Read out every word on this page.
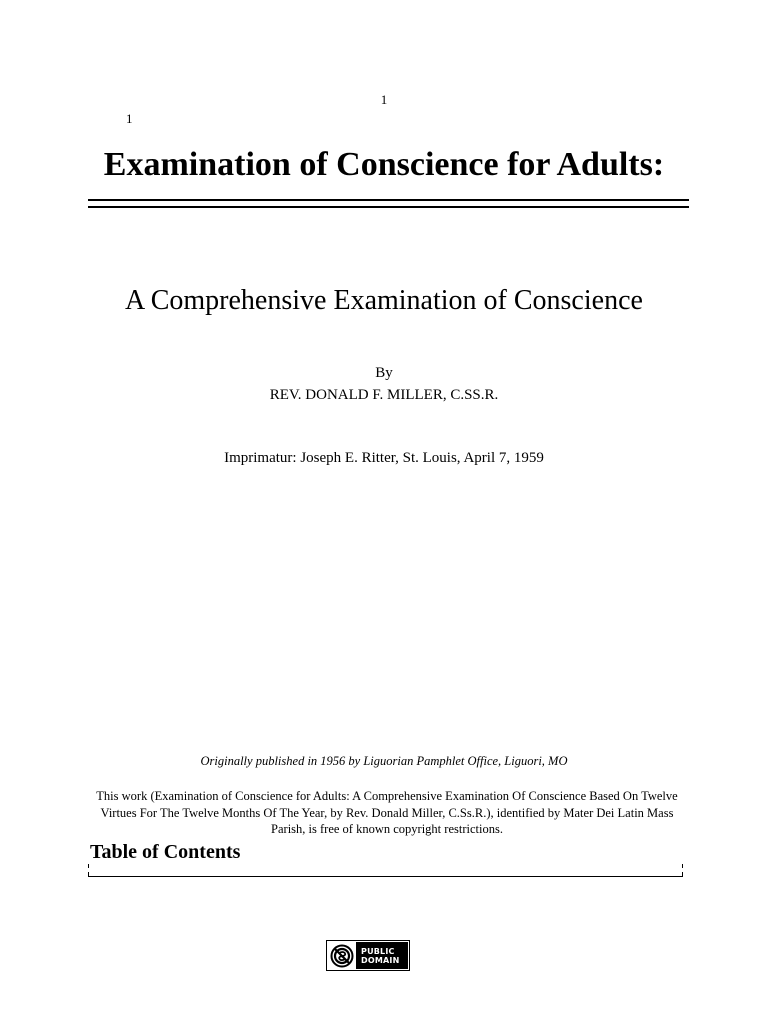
1
1
Examination of Conscience for Adults:
A Comprehensive Examination of Conscience
By
REV. DONALD F. MILLER, C.SS.R.
Imprimatur: Joseph E. Ritter, St. Louis, April 7, 1959
Originally published in 1956 by Liguorian Pamphlet Office, Liguori, MO
This work (Examination of Conscience for Adults: A Comprehensive Examination Of Conscience Based On Twelve Virtues For The Twelve Months Of The Year, by Rev. Donald Miller, C.Ss.R.), identified by Mater Dei Latin Mass Parish, is free of known copyright restrictions.
Table of Contents
PUBLIC
DOMAIN
